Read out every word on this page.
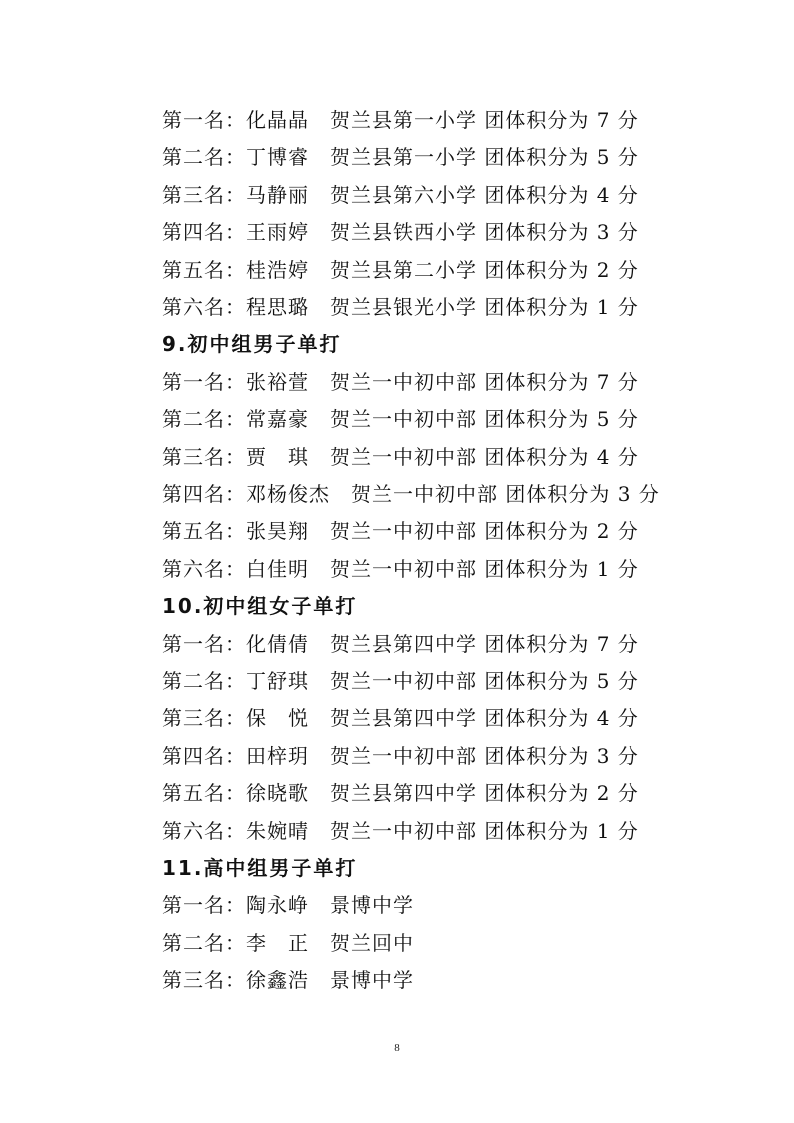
第一名：化晶晶　贺兰县第一小学 团体积分为 7 分
第二名：丁博睿　贺兰县第一小学 团体积分为 5 分
第三名：马静丽　贺兰县第六小学 团体积分为 4 分
第四名：王雨婷　贺兰县铁西小学 团体积分为 3 分
第五名：桂浩婷　贺兰县第二小学 团体积分为 2 分
第六名：程思璐　贺兰县银光小学 团体积分为 1 分
9.初中组男子单打
第一名：张裕萱　贺兰一中初中部 团体积分为 7 分
第二名：常嘉豪　贺兰一中初中部 团体积分为 5 分
第三名：贾　琪　贺兰一中初中部 团体积分为 4 分
第四名：邓杨俊杰　贺兰一中初中部 团体积分为 3 分
第五名：张昊翔　贺兰一中初中部 团体积分为 2 分
第六名：白佳明　贺兰一中初中部 团体积分为 1 分
10.初中组女子单打
第一名：化倩倩　贺兰县第四中学 团体积分为 7 分
第二名：丁舒琪　贺兰一中初中部 团体积分为 5 分
第三名：保　悦　贺兰县第四中学 团体积分为 4 分
第四名：田梓玥　贺兰一中初中部 团体积分为 3 分
第五名：徐晓歌　贺兰县第四中学 团体积分为 2 分
第六名：朱婉晴　贺兰一中初中部 团体积分为 1 分
11.高中组男子单打
第一名：陶永峥　景博中学
第二名：李　正　贺兰回中
第三名：徐鑫浩　景博中学
8
